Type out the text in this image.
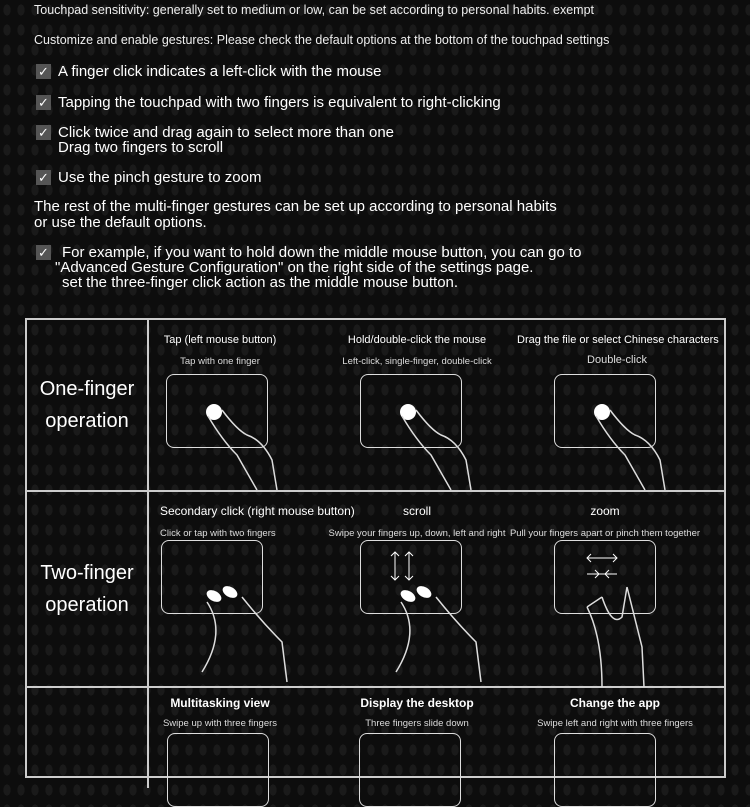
Touchpad sensitivity: generally set to medium or low, can be set according to personal habits. exempt
Customize and enable gestures: Please check the default options at the bottom of the touchpad settings
✓ A finger click indicates a left-click with the mouse
✓ Tapping the touchpad with two fingers is equivalent to right-clicking
✓ Click twice and drag again to select more than one
Drag two fingers to scroll
✓ Use the pinch gesture to zoom
The rest of the multi-finger gestures can be set up according to personal habits
or use the default options.
✓ For example, if you want to hold down the middle mouse button, you can go to
"Advanced Gesture Configuration" on the right side of the settings page.
set the three-finger click action as the middle mouse button.
One-finger
operation
Tap (left mouse button)
Tap with one finger
Hold/double-click the mouse
Left-click, single-finger, double-click
Drag the file or select Chinese characters
Double-click
Two-finger
operation
Secondary click (right mouse button)
Click or tap with two fingers
scroll
Swipe your fingers up, down, left and right
zoom
Pull your fingers apart or pinch them together
Multitasking view
Swipe up with three fingers
Display the desktop
Three fingers slide down
Change the app
Swipe left and right with three fingers
